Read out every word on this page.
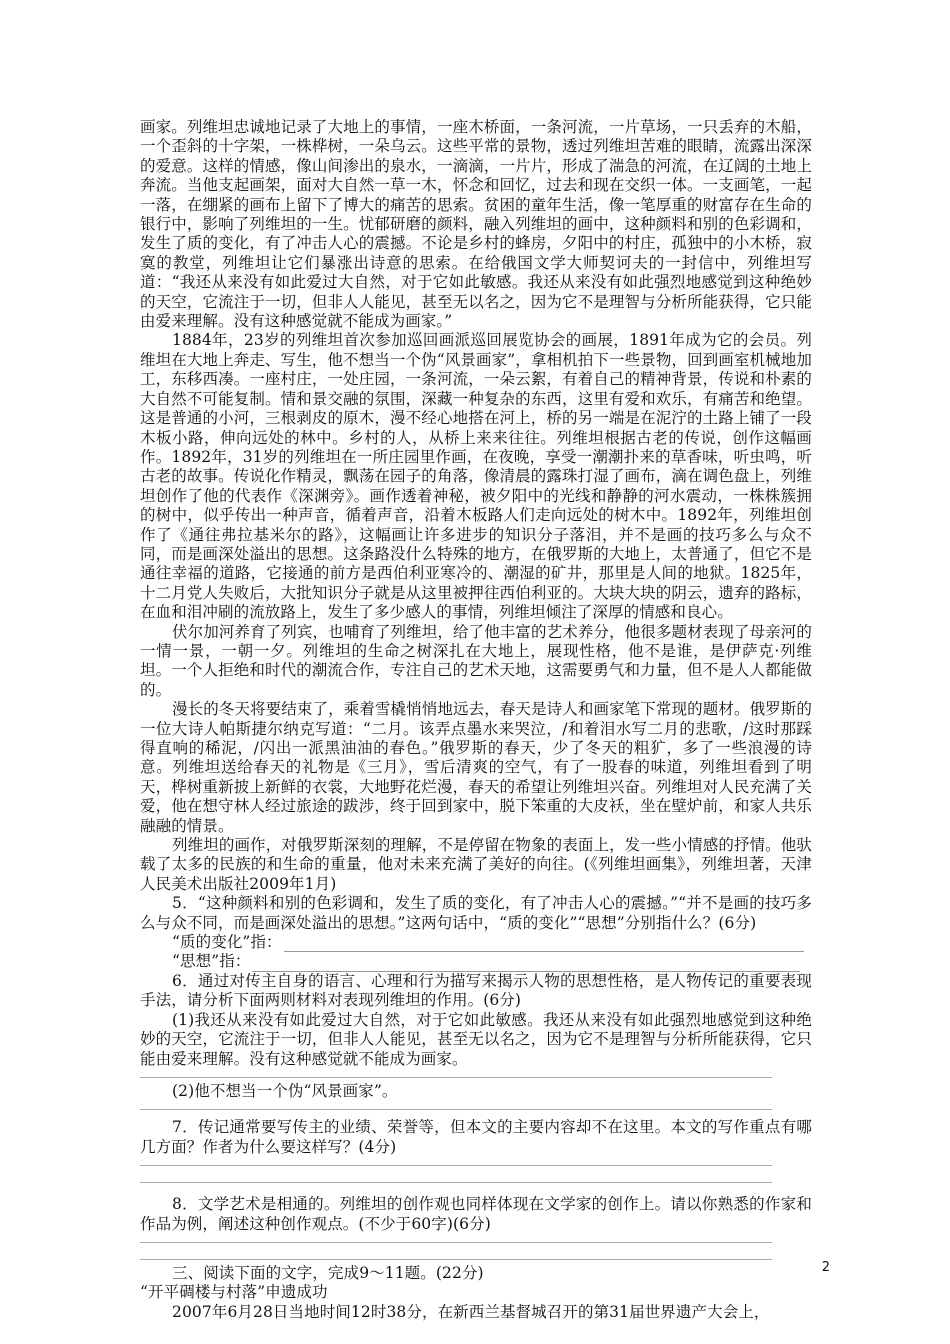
画家。列维坦忠诚地记录了大地上的事情，一座木桥面，一条河流，一片草场，一只丢弃的木船，一个歪斜的十字架，一株桦树，一朵乌云。这些平常的景物，透过列维坦苦难的眼睛，流露出深深的爱意。这样的情感，像山间渗出的泉水，一滴滴，一片片，形成了湍急的河流，在辽阔的土地上奔流。当他支起画架，面对大自然一草一木，怀念和回忆，过去和现在交织一体。一支画笔，一起一落，在绷紧的画布上留下了博大的痛苦的思索。贫困的童年生活，像一笔厚重的财富存在生命的银行中，影响了列维坦的一生。忧郁研磨的颜料，融入列维坦的画中，这种颜料和别的色彩调和，发生了质的变化，有了冲击人心的震撼。不论是乡村的蜂房，夕阳中的村庄，孤独中的小木桥，寂寞的教堂，列维坦让它们暴涨出诗意的思索。在给俄国文学大师契诃夫的一封信中，列维坦写道：“我还从来没有如此爱过大自然，对于它如此敏感。我还从来没有如此强烈地感觉到这种绝妙的天空，它流注于一切，但非人人能见，甚至无以名之，因为它不是理智与分析所能获得，它只能由爱来理解。没有这种感觉就不能成为画家。”

1884年，23岁的列维坦首次参加巡回画派巡回展览协会的画展，1891年成为它的会员。列维坦在大地上奔走、写生，他不想当一个伪“风景画家”，拿相机拍下一些景物，回到画室机械地加工，东移西凑。一座村庄，一处庄园，一条河流，一朵云絮，有着自己的精神背景，传说和朴素的大自然不可能复制。情和景交融的氛围，深藏一种复杂的东西，这里有爱和欢乐，有痛苦和绝望。这是普通的小河，三根剥皮的原木，漫不经心地搭在河上，桥的另一端是在泥泞的土路上铺了一段木板小路，伸向远处的林中。乡村的人，从桥上来来往往。列维坦根据古老的传说，创作这幅画作。1892年，31岁的列维坦在一所庄园里作画，在夜晚，享受一潮潮扑来的草香味，听虫鸣，听古老的故事。传说化作精灵，飘荡在园子的角落，像清晨的露珠打湿了画布，滴在调色盘上，列维坦创作了他的代表作《深渊旁》。画作透着神秘，被夕阳中的光线和静静的河水震动，一株株簇拥的树中，似乎传出一种声音，循着声音，沿着木板路人们走向远处的树木中。1892年，列维坦创作了《通往弗拉基米尔的路》，这幅画让许多进步的知识分子落泪，并不是画的技巧多么与众不同，而是画深处溢出的思想。这条路没什么特殊的地方，在俄罗斯的大地上，太普通了，但它不是通往幸福的道路，它接通的前方是西伯利亚寒冷的、潮湿的矿井，那里是人间的地狱。1825年，十二月党人失败后，大批知识分子就是从这里被押往西伯利亚的。大块大块的阴云，遗弃的路标，在血和泪冲刷的流放路上，发生了多少感人的事情，列维坦倾注了深厚的情感和良心。

伏尔加河养育了列宾，也哺育了列维坦，给了他丰富的艺术养分，他很多题材表现了母亲河的一情一景，一朝一夕。列维坦的生命之树深扎在大地上，展现性格，他不是谁，是伊萨克·列维坦。一个人拒绝和时代的潮流合作，专注自己的艺术天地，这需要勇气和力量，但不是人人都能做的。

漫长的冬天将要结束了，乘着雪橇悄悄地远去，春天是诗人和画家笔下常现的题材。俄罗斯的一位大诗人帕斯捷尔纳克写道：“二月。该弄点墨水来哭泣，/和着泪水写二月的悲歌，/这时那踩得直响的稀泥，/闪出一派黑油油的春色。”俄罗斯的春天，少了冬天的粗犷，多了一些浪漫的诗意。列维坦送给春天的礼物是《三月》，雪后清爽的空气，有了一股春的味道，列维坦看到了明天，桦树重新披上新鲜的衣裳，大地野花烂漫，春天的希望让列维坦兴奋。列维坦对人民充满了关爱，他在想守林人经过旅途的跋涉，终于回到家中，脱下笨重的大皮袄，坐在壁炉前，和家人共乐融融的情景。

列维坦的画作，对俄罗斯深刻的理解，不是停留在物象的表面上，发一些小情感的抒情。他驮载了太多的民族的和生命的重量，他对未来充满了美好的向往。(《列维坦画集》，列维坦著，天津人民美术出版社2009年1月)

5．“这种颜料和别的色彩调和，发生了质的变化，有了冲击人心的震撼。”“并不是画的技巧多么与众不同，而是画深处溢出的思想。”这两句话中，“质的变化”“思想”分别指什么？(6分)

“质的变化”指：
“思想”指：

6．通过对传主自身的语言、心理和行为描写来揭示人物的思想性格，是人物传记的重要表现手法，请分析下面两则材料对表现列维坦的作用。(6分)

(1)我还从来没有如此爱过大自然，对于它如此敏感。我还从来没有如此强烈地感觉到这种绝妙的天空，它流注于一切，但非人人能见，甚至无以名之，因为它不是理智与分析所能获得，它只能由爱来理解。没有这种感觉就不能成为画家。

(2)他不想当一个伪“风景画家”。

7．传记通常要写传主的业绩、荣誉等，但本文的主要内容却不在这里。本文的写作重点有哪几方面？作者为什么要这样写？(4分)

8．文学艺术是相通的。列维坦的创作观也同样体现在文学家的创作上。请以你熟悉的作家和作品为例，阐述这种创作观点。(不少于60字)(6分)

三、阅读下面的文字，完成9～11题。(22分)

“开平碉楼与村落”申遗成功

2007年6月28日当地时间12时38分，在新西兰基督城召开的第31届世界遗产大会上，

2
